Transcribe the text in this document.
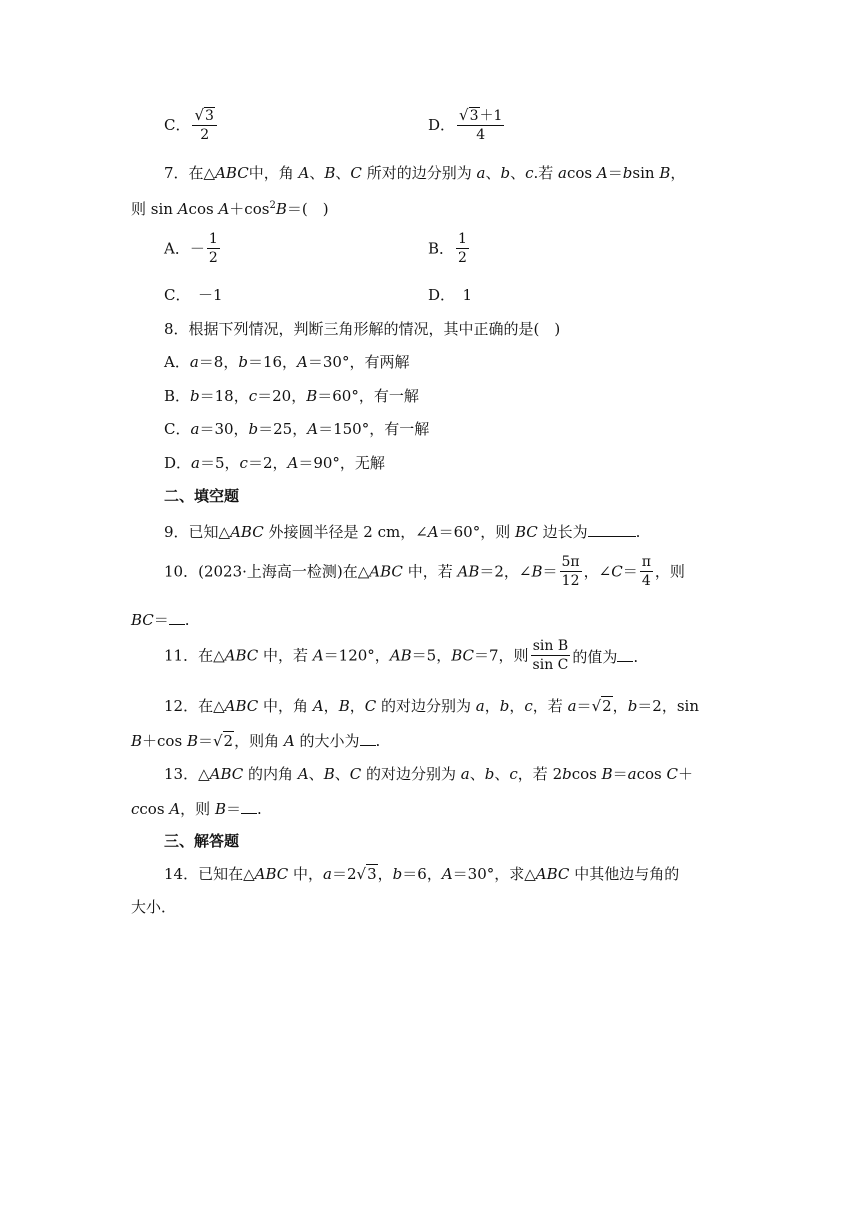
C． $\frac{√3}{2}$	D． $\frac{√3+1}{4}$
7．在△ABC中，角 A、B、C 所对的边分别为 a、b、c.若 acos A＝bsin B，
则 sin Acos $A+\cos^2B=$(　)
A．－ $\frac{1}{2}$	B． $\frac{1}{2}$
C．　－1	D．　1
8．根据下列情况，判断三角形解的情况，其中正确的是(　)
A．a＝8，b＝16，A＝30°，有两解
B．b＝18，c＝20，B＝60°，有一解
C．a＝30，b＝25，A＝150°，有一解
D．a＝5，c＝2，A＝90°，无解
二、填空题
9．已知△ABC 外接圆半径是 2 cm，∠A＝60°，则 BC 边长为	.
10．(2023·上海高一检测)在△ABC 中，若 AB＝2，∠B＝ $\frac{5\pi}{12}$ ，∠C＝ $\frac{\pi}{4}$ ，则
BC＝ .
11．在△ABC 中，若 A＝120°，AB＝5，BC＝7，则 $\frac{\text{sin B}}{\text{sin C}}$ 的值为 .
12．在△ABC 中，角 A，B，C 的对边分别为 a，b，c，若 a＝√2，b＝2，sin
B＋cos B＝√2，则角 A 的大小为 .
13．△ABC 的内角 A、B、C 的对边分别为 a、b、c，若 2bcos B＝acos C＋
ccos A，则 B＝ .
三、解答题
14．已知在△ABC 中，a＝2√3，b＝6，A＝30°，求△ABC 中其他边与角的
大小．
